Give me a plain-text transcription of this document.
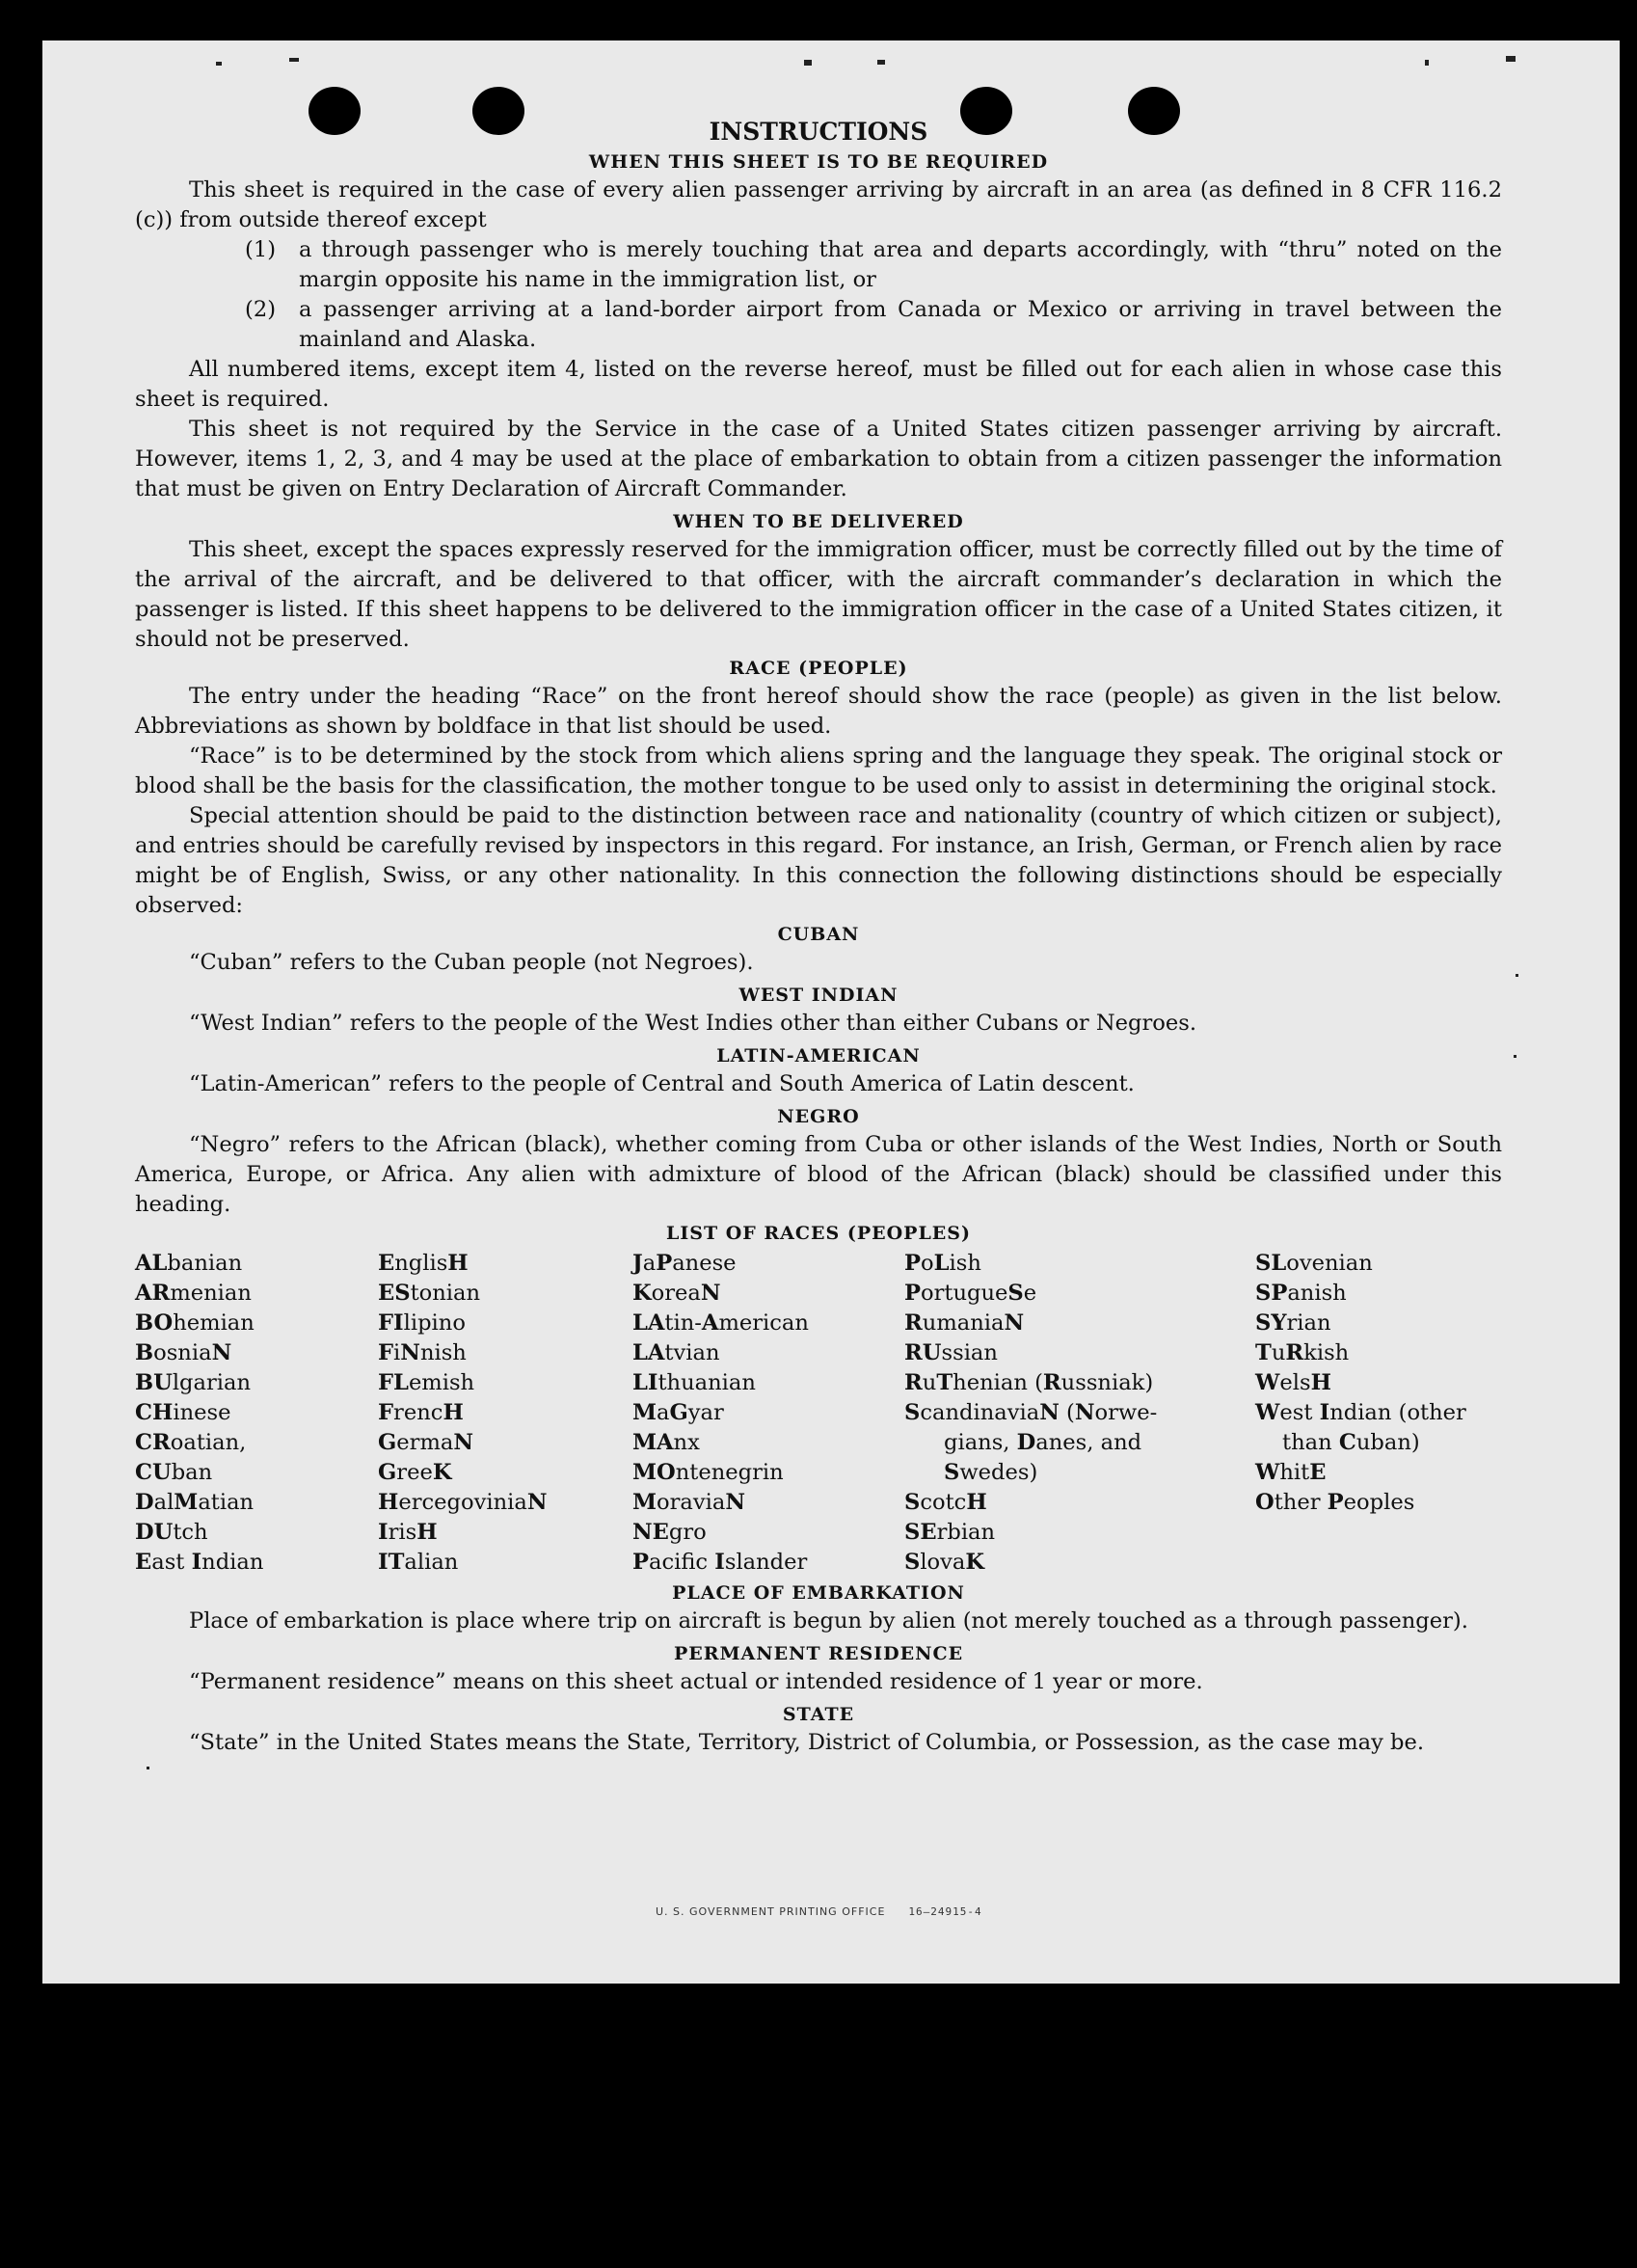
INSTRUCTIONS
WHEN THIS SHEET IS TO BE REQUIRED

This sheet is required in the case of every alien passenger arriving by aircraft in an area (as defined in 8 CFR 116.2 (c)) from outside thereof except

(1)	a through passenger who is merely touching that area and departs accordingly, with “thru” noted on the margin opposite his name in the immigration list, or
(2)	a passenger arriving at a land-border airport from Canada or Mexico or arriving in travel between the mainland and Alaska.

All numbered items, except item 4, listed on the reverse hereof, must be filled out for each alien in whose case this sheet is required.

This sheet is not required by the Service in the case of a United States citizen passenger arriving by aircraft. However, items 1, 2, 3, and 4 may be used at the place of embarkation to obtain from a citizen passenger the information that must be given on Entry Declaration of Aircraft Commander.

WHEN TO BE DELIVERED

This sheet, except the spaces expressly reserved for the immigration officer, must be correctly filled out by the time of the arrival of the aircraft, and be delivered to that officer, with the aircraft commander’s declaration in which the passenger is listed. If this sheet happens to be delivered to the immigration officer in the case of a United States citizen, it should not be preserved.

RACE (PEOPLE)

The entry under the heading “Race” on the front hereof should show the race (people) as given in the list below. Abbreviations as shown by boldface in that list should be used.

“Race” is to be determined by the stock from which aliens spring and the language they speak. The original stock or blood shall be the basis for the classification, the mother tongue to be used only to assist in determining the original stock.

Special attention should be paid to the distinction between race and nationality (country of which citizen or subject), and entries should be carefully revised by inspectors in this regard. For instance, an Irish, German, or French alien by race might be of English, Swiss, or any other nationality. In this connection the following distinctions should be especially observed:

CUBAN

“Cuban” refers to the Cuban people (not Negroes).

WEST INDIAN

“West Indian” refers to the people of the West Indies other than either Cubans or Negroes.

LATIN-AMERICAN

“Latin-American” refers to the people of Central and South America of Latin descent.

NEGRO

“Negro” refers to the African (black), whether coming from Cuba or other islands of the West Indies, North or South America, Europe, or Africa. Any alien with admixture of blood of the African (black) should be classified under this heading.

LIST OF RACES (PEOPLES)
ALbanian
ARmenian
BOhemian
BosniaN
BUlgarian
CHinese
CRoatian,
CUban
DalMatian
DUtch
East Indian
EnglisH
EStonian
FIlipino
FiNnish
FLemish
FrencH
GermaN
GreeK
HercegoviniaN
IrisH
ITalian
JaPanese
KoreaN
LAtin-American
LAtvian
LIthuanian
MaGyar
MAnx
MOntenegrin
MoraviaN
NEgro
Pacific Islander
PoLish
PortugueSe
RumaniaN
RUssian
RuThenian (Russniak)
ScandinaviaN (Norwe-
gians, Danes, and
Swedes)
ScotcH
SErbian
SlovaK
SLovenian
SPanish
SYrian
TuRkish
WelsH
West Indian (other
than Cuban)
WhitE
Other Peoples
PLACE OF EMBARKATION

Place of embarkation is place where trip on aircraft is begun by alien (not merely touched as a through passenger).

PERMANENT RESIDENCE

“Permanent residence” means on this sheet actual or intended residence of 1 year or more.

STATE

“State” in the United States means the State, Territory, District of Columbia, or Possession, as the case may be.

U. S. GOVERNMENT PRINTING OFFICE 16—24915-4
